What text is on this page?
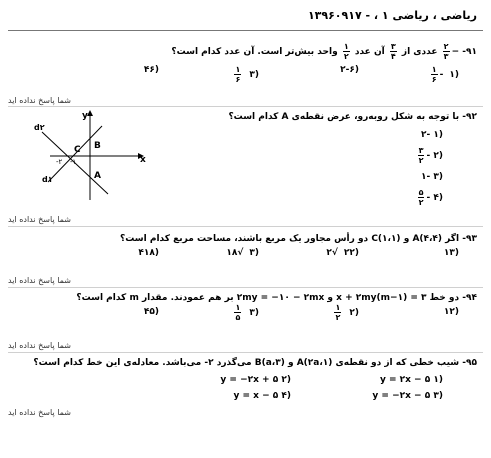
ریاضی ، ریاضی ۱ ، - ۱۳۹۶۰۹۱۷
۹۱- −
$\frac{۲}{۳}$
عددی از
$\frac{۳}{۴}$
آن عدد
$\frac{۱}{۲}$
واحد بیش‌تر است. آن عدد کدام است؟
(۱-
$\frac{۱}{۶}$
(۲-۶
(۳
$\frac{۱}{۶}$
(۴۶
شما پاسخ نداده اید
۹۲- با توجه به شکل روبه‌رو، عرض نقطه‌ی A کدام است؟
(۱ -۲
(۲ -
$\frac{۳}{۲}$
(۳ -۱
(۴ -
$\frac{۵}{۲}$
-۲ -۱	x
y
B
C
A
d۲
d۱
شما پاسخ نداده اید
۹۳- اگر A(۴،۴) و C(۱،۱) دو رأس مجاور یک مربع باشند، مساحت مربع کدام است؟
(۱۳
(۲۲√۲
(۳√۱۸
(۴۱۸
شما پاسخ نداده اید
۹۴- دو خط ۳ = (m−۱)x + ۲my و ۲my = −۱۰ − ۲mx بر هم عمودند. مقدار m کدام است؟
(۱۲
(۲
$\frac{۱}{۲}$
(۳
$\frac{۱}{۵}$
(۴۵
شما پاسخ نداده اید
۹۵- شیب خطی که از دو نقطه‌ی A(۲a،۱) و B(a،۳) می‌گذرد ۲- می‌باشد. معادله‌ی این خط کدام است؟
(۱ y = ۲x − ۵
(۲ y = −۲x + ۵
(۳ y = −۲x − ۵
(۴ y = x − ۵
شما پاسخ نداده اید
